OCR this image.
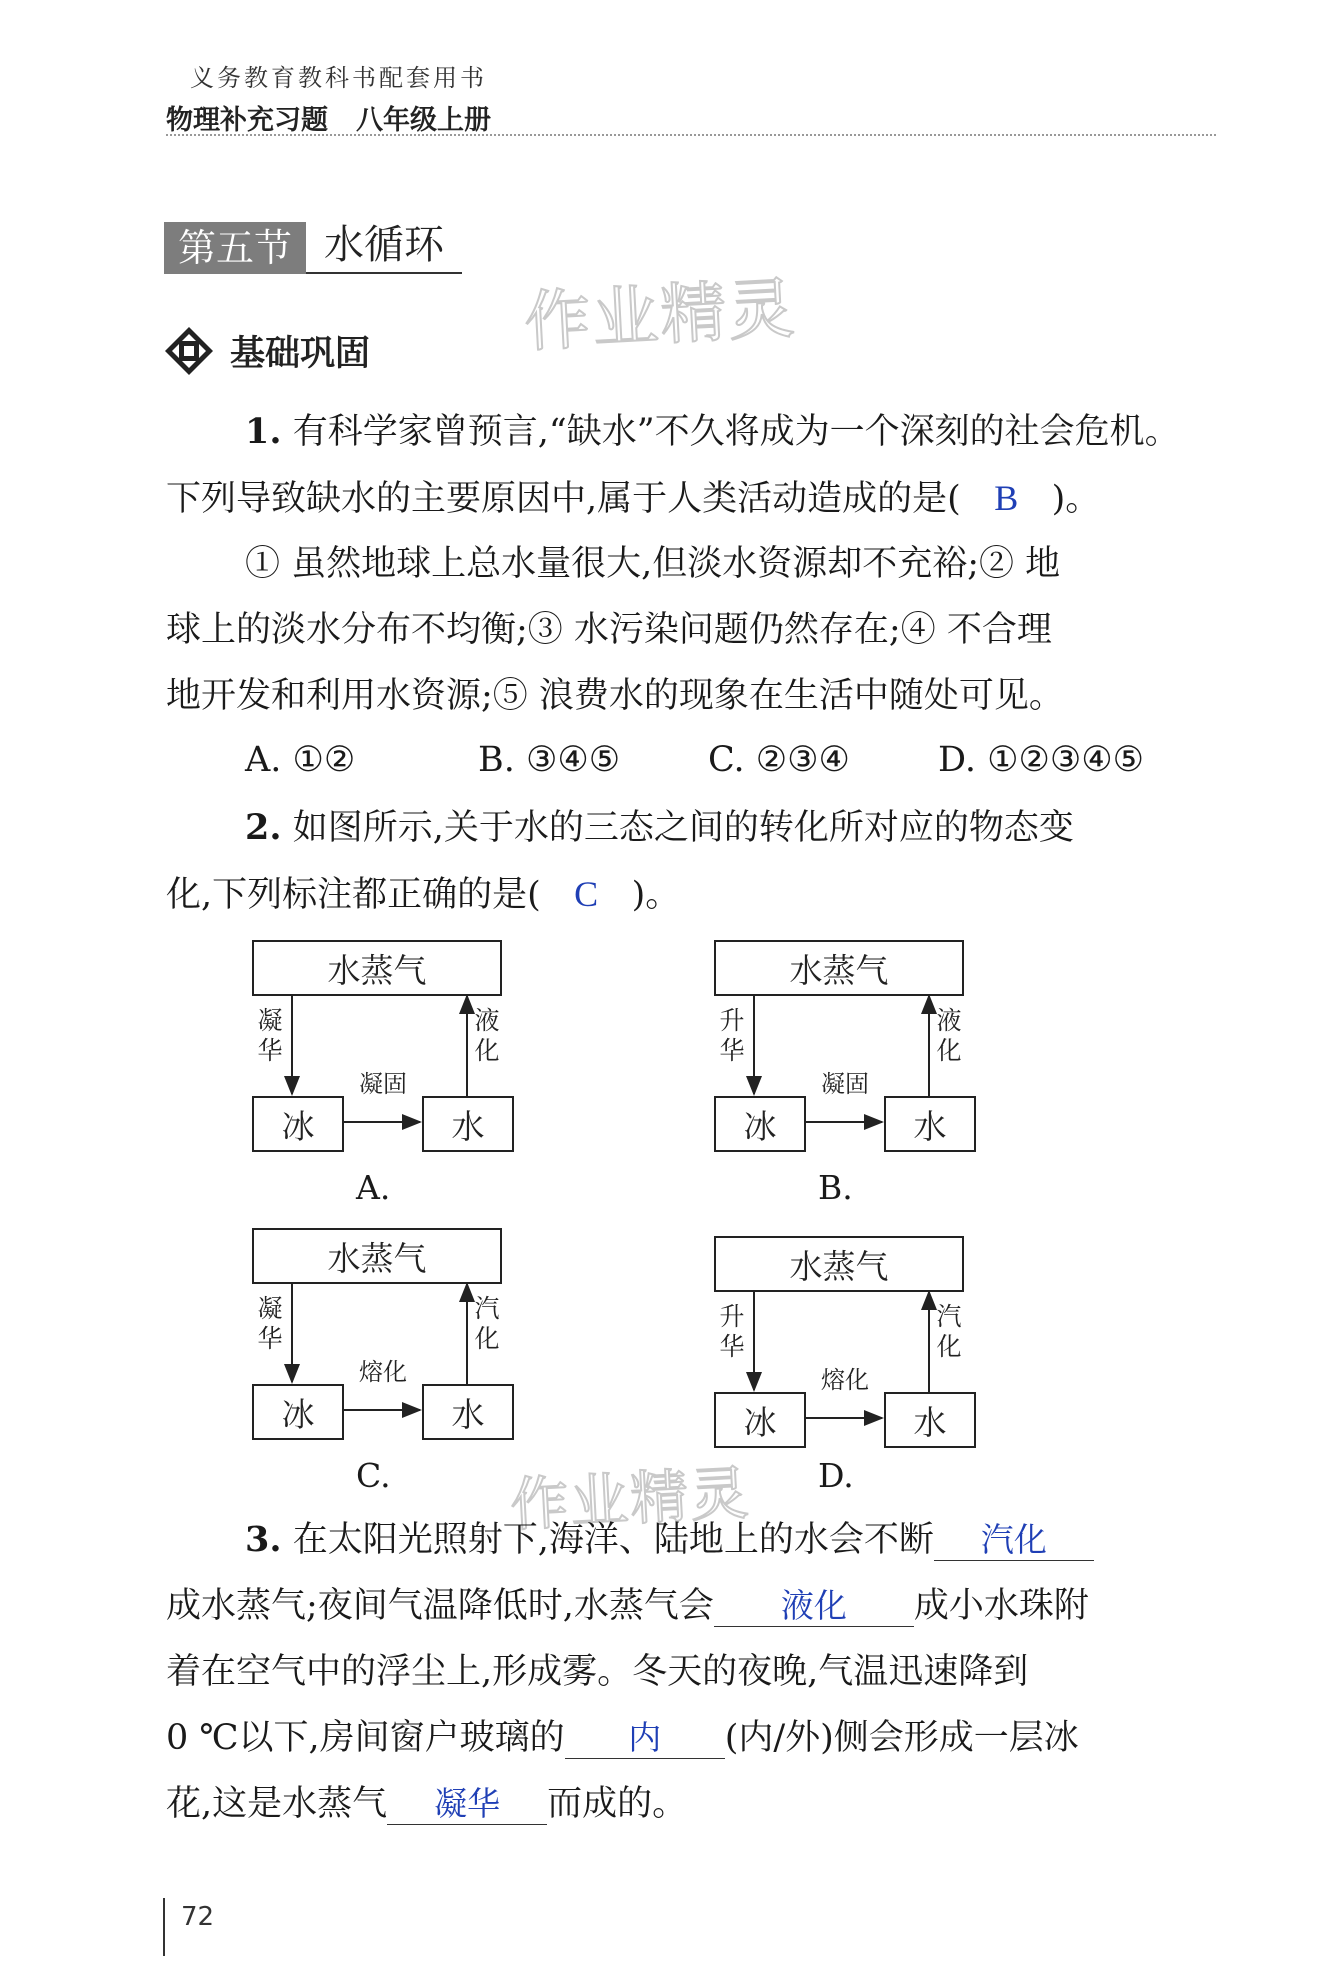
义务教育教科书配套用书
物理补充习题 八年级上册
第五节 水循环
作业精灵
基础巩固
1. 有科学家曾预言,“缺水”不久将成为一个深刻的社会危机。
下列导致缺水的主要原因中,属于人类活动造成的是( B )。
① 虽然地球上总水量很大,但淡水资源却不充裕;② 地
球上的淡水分布不均衡;③ 水污染问题仍然存在;④ 不合理
地开发和利用水资源;⑤ 浪费水的现象在生活中随处可见。
A. ①②	B. ③④⑤	C. ②③④	D. ①②③④⑤
2. 如图所示,关于水的三态之间的转化所对应的物态变
化,下列标注都正确的是( C )。
水蒸气
冰	水
凝华
液化
凝固
A.
水蒸气
冰	水
升华
液化
凝固
B.
水蒸气
冰	水
凝华
汽化
熔化
C.
水蒸气
冰	水
升华
汽化
熔化
D.
作业精灵
3. 在太阳光照射下,海洋、陆地上的水会不断 汽化
成水蒸气;夜间气温降低时,水蒸气会 液化 成小水珠附
着在空气中的浮尘上,形成雾。冬天的夜晚,气温迅速降到
0 ℃以下,房间窗户玻璃的 内 (内/外)侧会形成一层冰
花,这是水蒸气 凝华 而成的。
72
